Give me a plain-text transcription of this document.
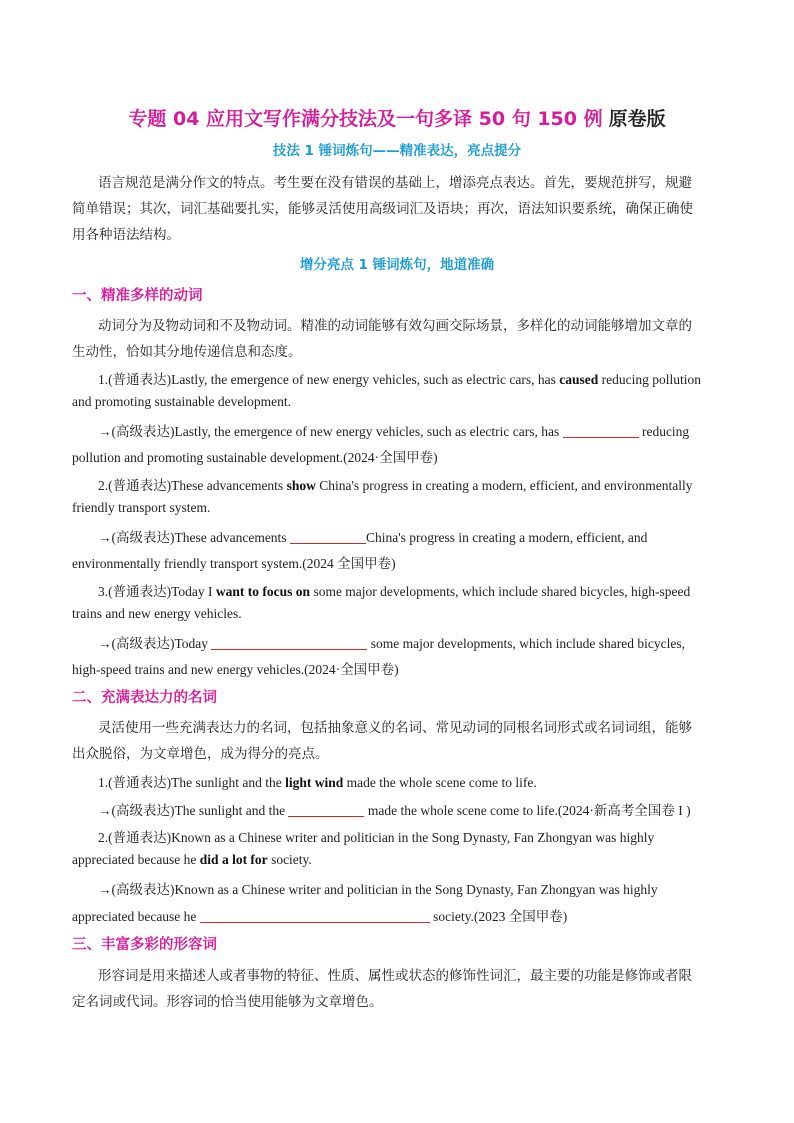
专题 04 应用文写作满分技法及一句多译 50 句 150 例 原卷版
技法 1 锤词炼句——精准表达，亮点提分
语言规范是满分作文的特点。考生要在没有错误的基础上，增添亮点表达。首先，要规范拼写，规避
简单错误；其次，词汇基础要扎实，能够灵活使用高级词汇及语块；再次，语法知识要系统，确保正确使
用各种语法结构。
增分亮点 1 锤词炼句，地道准确
一、精准多样的动词
动词分为及物动词和不及物动词。精准的动词能够有效勾画交际场景，多样化的动词能够增加文章的
生动性，恰如其分地传递信息和态度。
1.(普通表达)Lastly, the emergence of new energy vehicles, such as electric cars, has caused reducing pollution
and promoting sustainable development.
→(高级表达)Lastly, the emergence of new energy vehicles, such as electric cars, has	reducing
pollution and promoting sustainable development.(2024·全国甲卷)
2.(普通表达)These advancements show China's progress in creating a modern, efficient, and environmentally
friendly transport system.
→(高级表达)These advancements	China's progress in creating a modern, efficient, and
environmentally friendly transport system.(2024 全国甲卷)
3.(普通表达)Today I want to focus on some major developments, which include shared bicycles, high-speed
trains and new energy vehicles.
→(高级表达)Today	some major developments, which include shared bicycles,
high-speed trains and new energy vehicles.(2024·全国甲卷)
二、充满表达力的名词
灵活使用一些充满表达力的名词，包括抽象意义的名词、常见动词的同根名词形式或名词词组，能够
出众脱俗，为文章增色，成为得分的亮点。
1.(普通表达)The sunlight and the light wind made the whole scene come to life.
→(高级表达)The sunlight and the	made the whole scene come to life.(2024·新高考全国卷 I )
2.(普通表达)Known as a Chinese writer and politician in the Song Dynasty, Fan Zhongyan was highly
appreciated because he did a lot for society.
→(高级表达)Known as a Chinese writer and politician in the Song Dynasty, Fan Zhongyan was highly
appreciated because he	society.(2023 全国甲卷)
三、丰富多彩的形容词
形容词是用来描述人或者事物的特征、性质、属性或状态的修饰性词汇，最主要的功能是修饰或者限
定名词或代词。形容词的恰当使用能够为文章增色。
